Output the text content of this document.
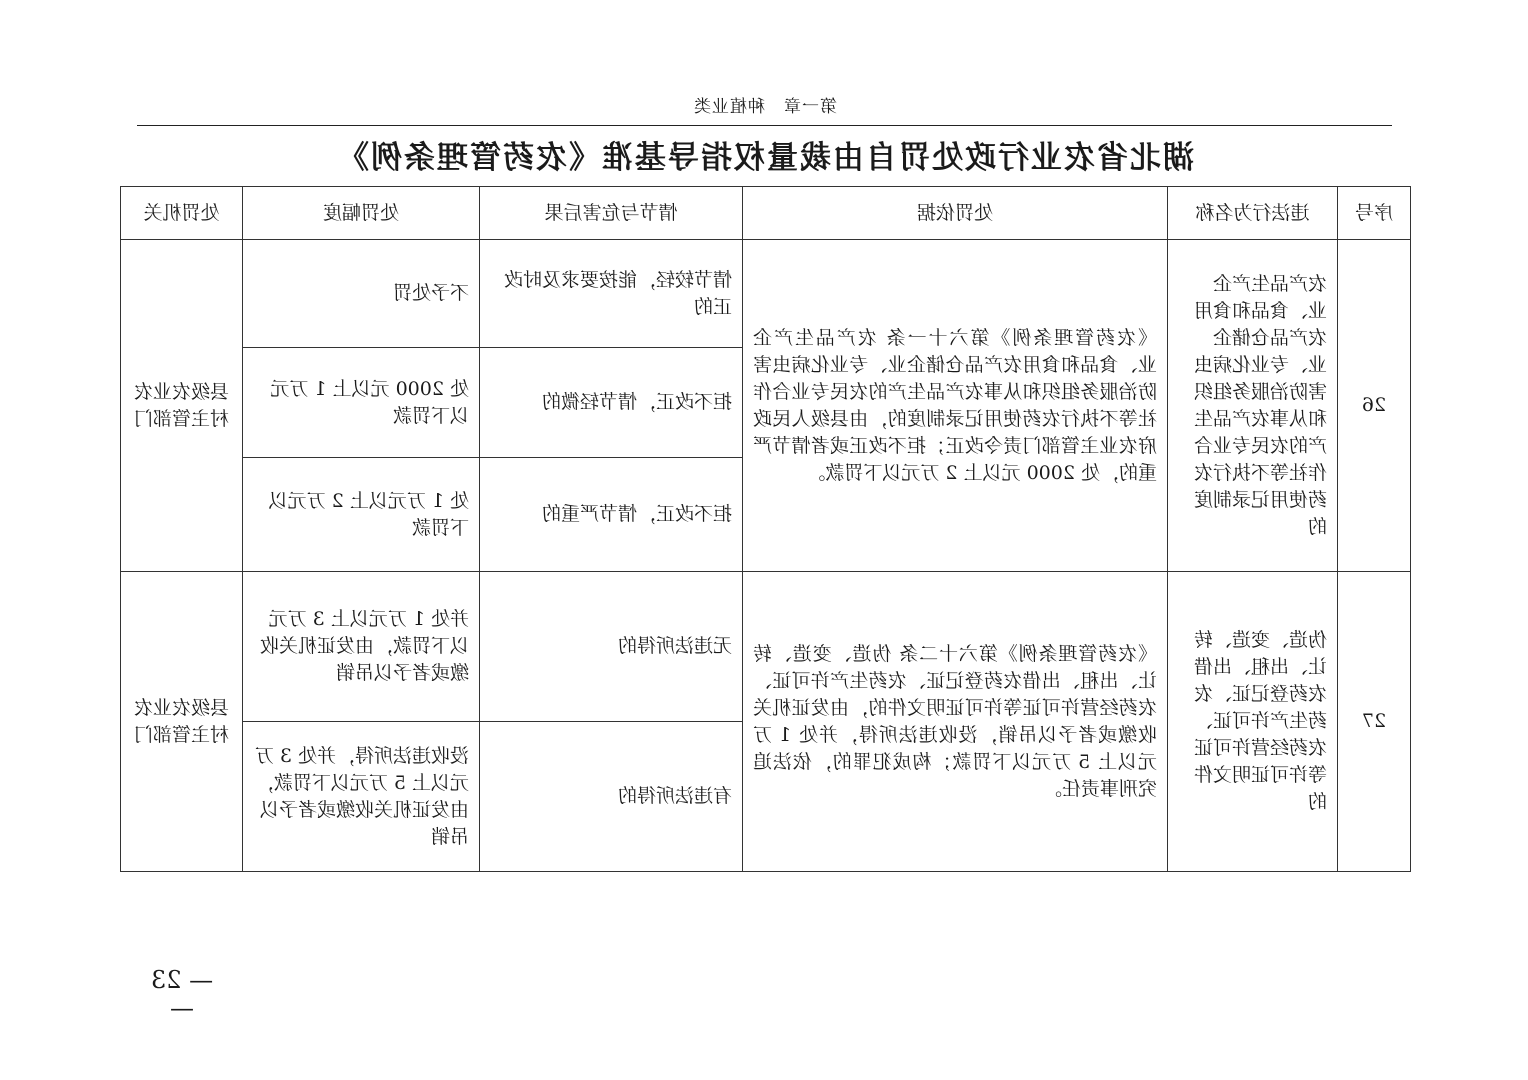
第一章　种植业类
湖北省农业行政处罚自由裁量权指导基准《农药管理条例》
序号	违法行为名称	处罚依据	情节与危害后果	处罚幅度	处罚机关
26	农产品生产企业、食品和食用农产品仓储企业、专业化病虫害防治服务组织和从事农产品生产的农民专业合作社等不执行农药使用记录制度的	《农药管理条例》第六十一条 农产品生产企业、食品和食用农产品仓储企业、专业化病虫害防治服务组织和从事农产品生产的农民专业合作社等不执行农药使用记录制度的，由县级人民政府农业主管部门责令改正；拒不改正或者情节严重的，处 2000 元以上 2 万元以下罚款。	情节较轻，能按要求及时改正的	不予处罚	县级农业农村主管部门
			拒不改正，情节轻微的	处 2000 元以上 1 万元以下罚款	
			拒不改正，情节严重的	处 1 万元以上 2 万元以下罚款	
27	伪造、变造、转让、出租、出借农药登记证、农药生产许可证、农药经营许可证等许可证明文件的	《农药管理条例》第六十二条 伪造、变造、转让、出租、出借农药登记证、农药生产许可证、农药经营许可证等许可证明文件的，由发证机关收缴或者予以吊销，没收违法所得，并处 1 万元以上 5 万元以下罚款；构成犯罪的，依法追究刑事责任。	无违法所得的	并处 1 万元以上 3 万元以下罚款，由发证机关收缴或者予以吊销	县级农业农村主管部门
			有违法所得的	没收违法所得，并处 3 万元以上 5 万元以下罚款，由发证机关收缴或者予以吊销	
— 23 —
